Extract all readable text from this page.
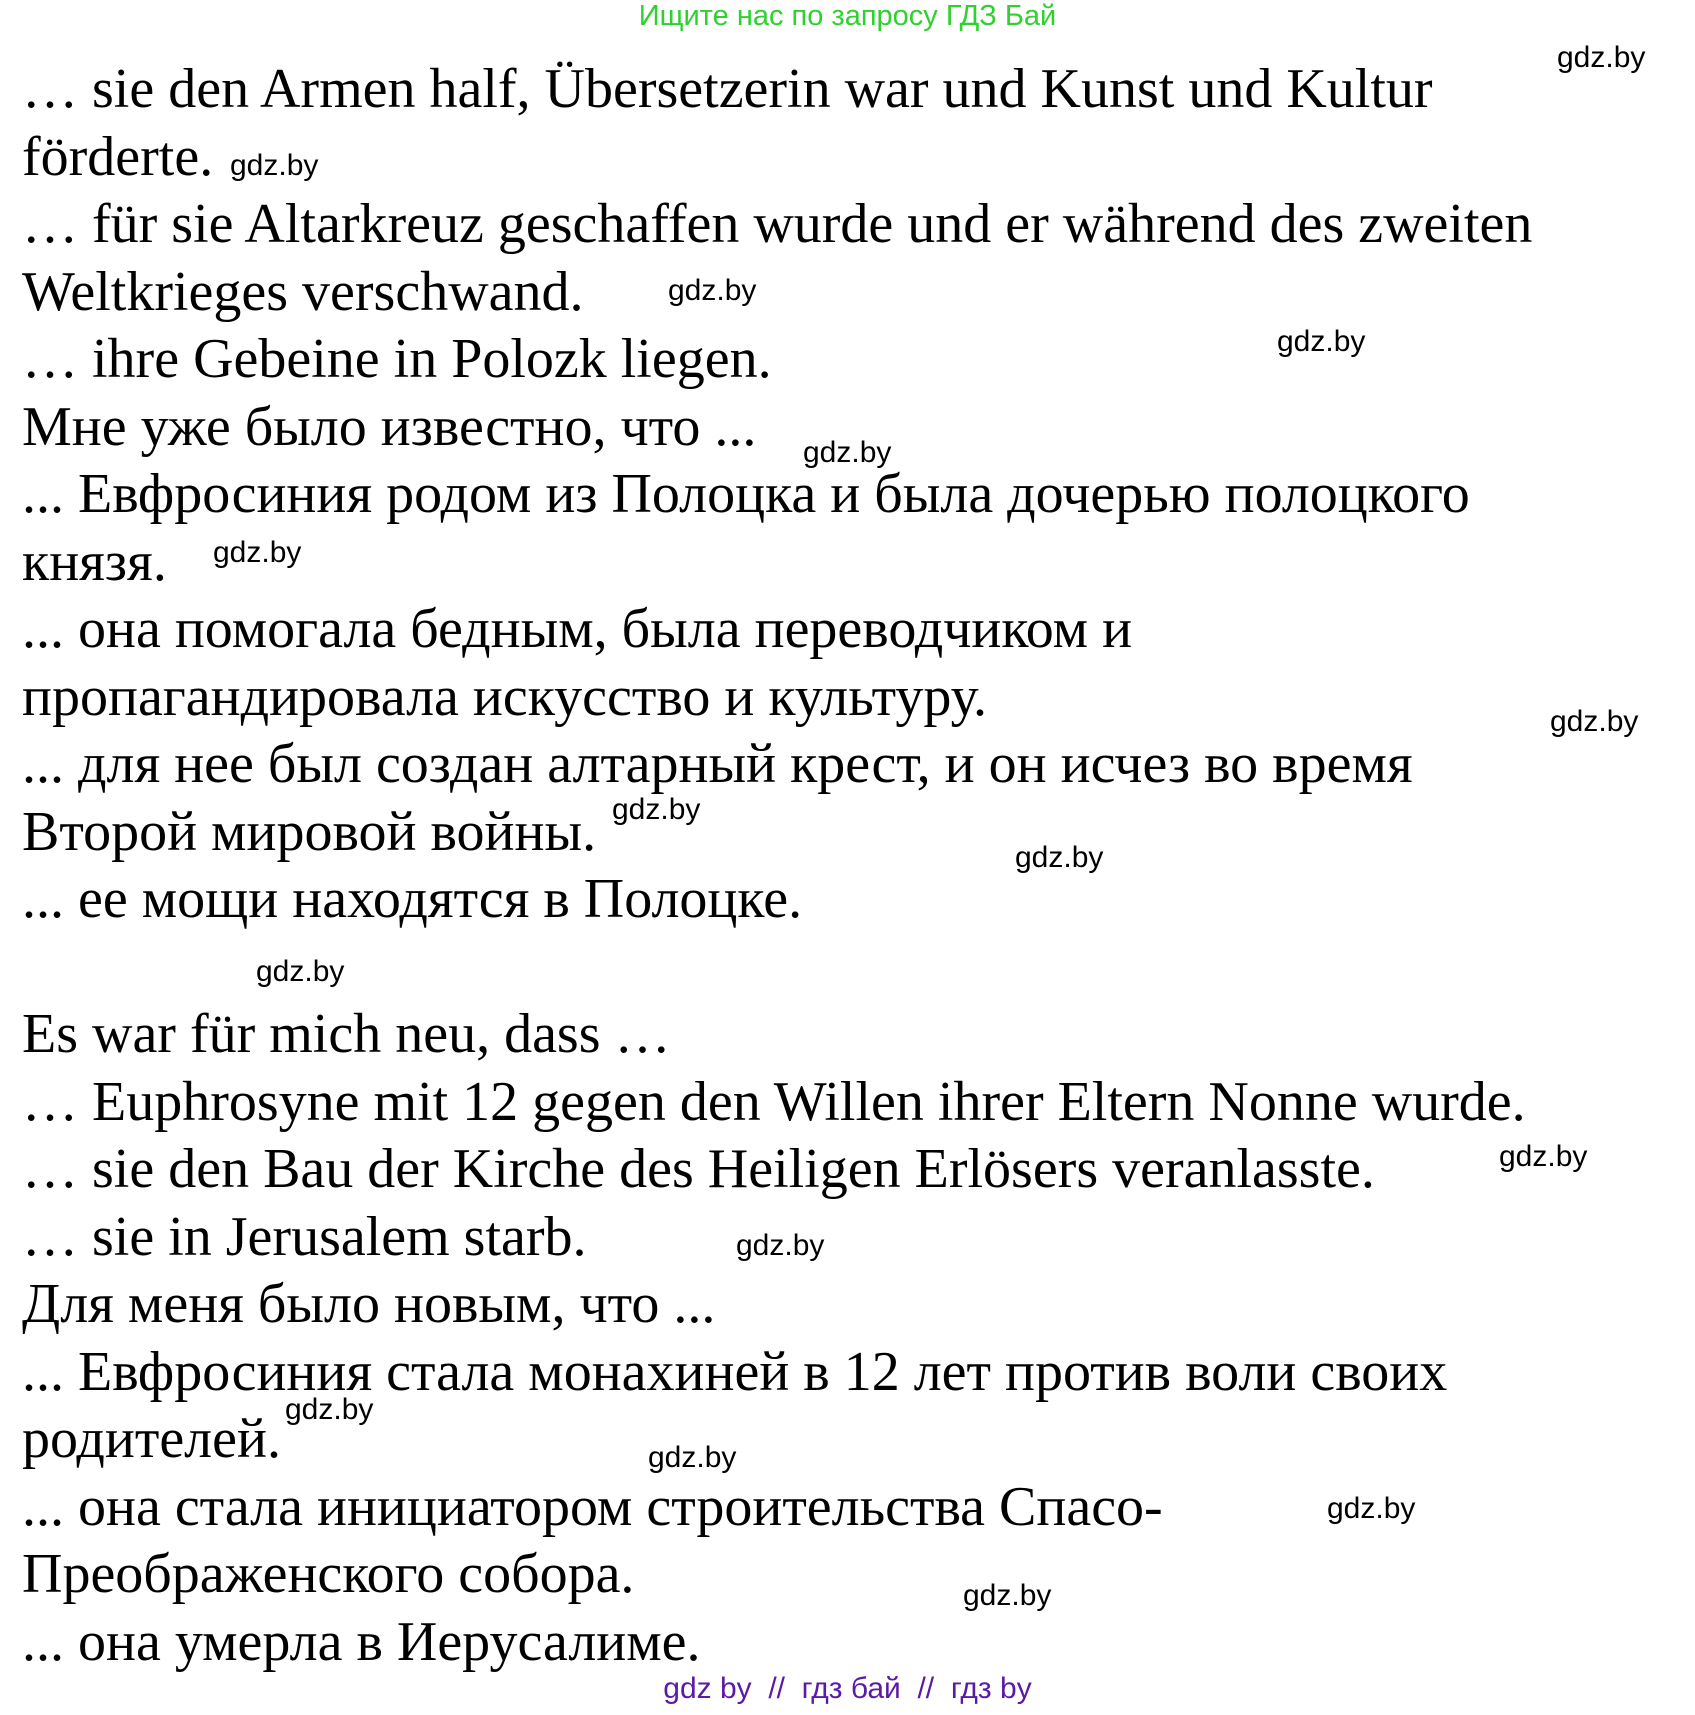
Ищите нас по запросу ГДЗ Бай
… sie den Armen half, Übersetzerin war und Kunst und Kultur
förderte.
… für sie Altarkreuz geschaffen wurde und er während des zweiten
Weltkrieges verschwand.
… ihre Gebeine in Polozk liegen.
Мне уже было известно, что ...
... Евфросиния родом из Полоцка и была дочерью полоцкого
князя.
... она помогала бедным, была переводчиком и
пропагандировала искусство и культуру.
... для нее был создан алтарный крест, и он исчез во время
Второй мировой войны.
... ее мощи находятся в Полоцке.
Es war für mich neu, dass …
… Euphrosyne mit 12 gegen den Willen ihrer Eltern Nonne wurde.
… sie den Bau der Kirche des Heiligen Erlösers veranlasste.
… sie in Jerusalem starb.
Для меня было новым, что ...
... Евфросиния стала монахиней в 12 лет против воли своих
родителей.
... она стала инициатором строительства Спасо-
Преображенского собора.
... она умерла в Иерусалиме.
gdz.by
gdz.by
gdz.by
gdz.by
gdz.by
gdz.by
gdz.by
gdz.by
gdz.by
gdz.by
gdz.by
gdz.by
gdz.by
gdz.by
gdz.by
gdz.by
gdz by  //  гдз бай  //  гдз by
